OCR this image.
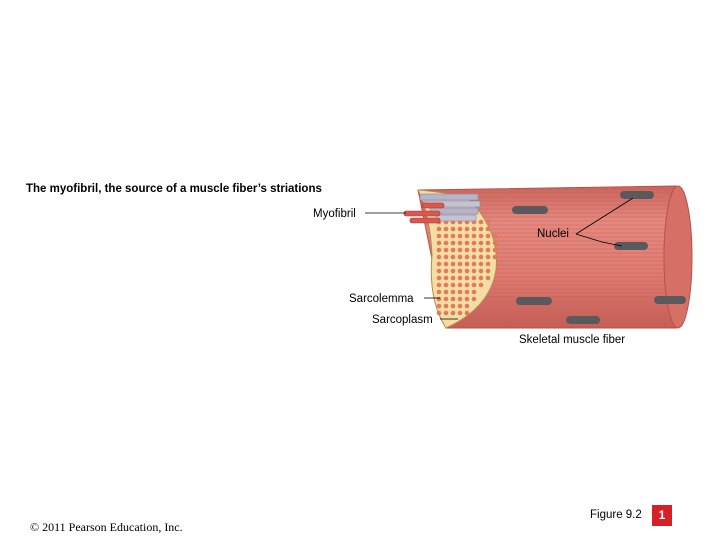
The myofibril, the source of a muscle fiber’s striations
Myofibril
Nuclei
Sarcolemma
Sarcoplasm
Skeletal muscle fiber
© 2011 Pearson Education, Inc.
Figure 9.2	1
